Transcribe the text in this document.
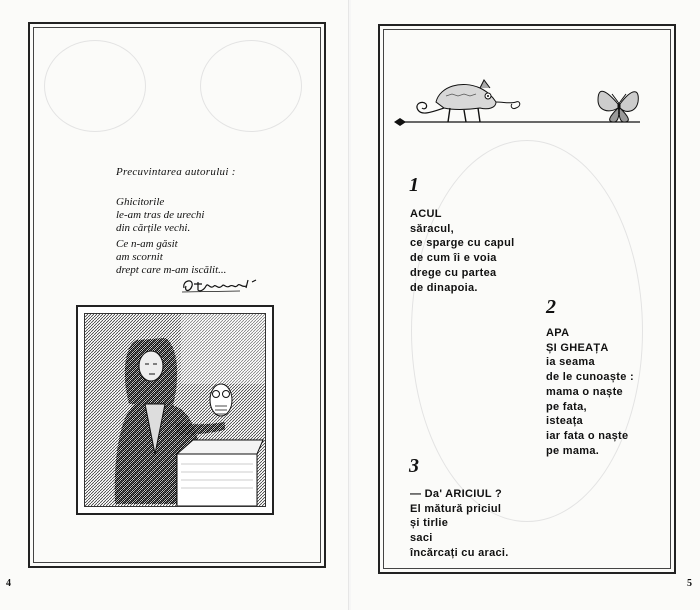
Precuvintarea autorului :
Ghicitorile
le-am tras de urechi
din cărțile vechi.
Ce n-am găsit
am scornit
drept care m-am iscălit...
4	5
1
ACUL
săracul,
ce sparge cu capul
de cum îi e voia
drege cu partea
de dinapoia.
2
APA
ȘI GHEAȚA
ia seama
de le cunoaște :
mama o naște
pe fata,
isteața
iar fata o naște
pe mama.
3
— Da' ARICIUL ?
El mătură priciul
și tirlie
saci
încărcați cu araci.
